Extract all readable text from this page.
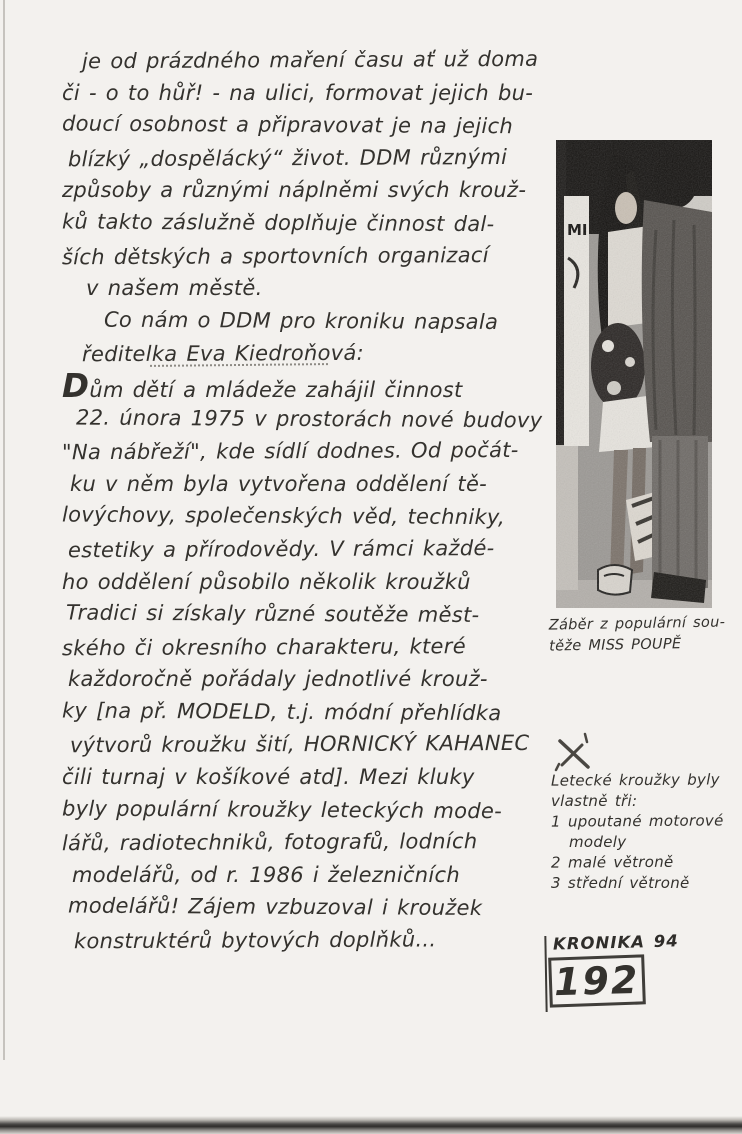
je od prázdného maření času ať už doma
či - o to hůř! - na ulici, formovat jejich bu-
doucí osobnost a připravovat je na jejich
blízký „dospělácký“ život. DDM různými
způsoby a různými náplněmi svých krouž-
ků takto záslužně doplňuje činnost dal-
ších dětských a sportovních organizací
v našem městě.
Co nám o DDM pro kroniku napsala
ředitelka Eva Kiedroňová:
Dům dětí a mládeže zahájil činnost
22. února 1975 v prostorách nové budovy
"Na nábřeží", kde sídlí dodnes. Od počát-
ku v něm byla vytvořena oddělení tě-
lovýchovy, společenských věd, techniky,
estetiky a přírodovědy. V rámci každé-
ho oddělení působilo několik kroužků
Tradici si získaly různé soutěže měst-
ského či okresního charakteru, které
každoročně pořádaly jednotlivé krouž-
ky [na př. MODELD, t.j. módní přehlídka
výtvorů kroužku šití, HORNICKÝ KAHANEC
čili turnaj v košíkové atd]. Mezi kluky
byly populární kroužky leteckých mode-
lářů, radiotechniků, fotografů, lodních
modelářů, od r. 1986 i železničních
modelářů! Zájem vzbuzoval i kroužek
konstruktérů bytových doplňků...
MI
Záběr z populární sou-
těže MISS POUPĚ
Letecké kroužky byly
vlastně tři:
1 upoutané motorové
modely
2 malé větroně
3 střední větroně
KRONIKA 94
192
